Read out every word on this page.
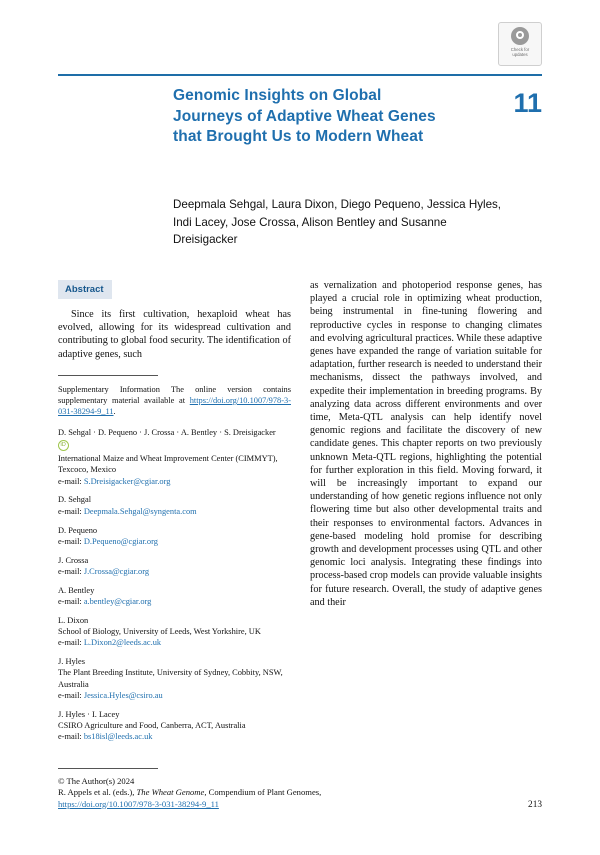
Check for
updates
Genomic Insights on Global Journeys of Adaptive Wheat Genes that Brought Us to Modern Wheat
11
Deepmala Sehgal, Laura Dixon, Diego Pequeno, Jessica Hyles, Indi Lacey, Jose Crossa, Alison Bentley and Susanne Dreisigacker
Abstract
Since its first cultivation, hexaploid wheat has evolved, allowing for its widespread cultivation and contributing to global food security. The identification of adaptive genes, such
Supplementary Information The online version contains supplementary material available at https://doi.org/10.1007/978-3-031-38294-9_11.

D. Sehgal · D. Pequeno · J. Crossa · A. Bentley · S. Dreisigacker

iD

International Maize and Wheat Improvement Center (CIMMYT), Texcoco, Mexico

e-mail: S.Dreisigacker@cgiar.org

D. Sehgal

e-mail: Deepmala.Sehgal@syngenta.com

D. Pequeno

e-mail: D.Pequeno@cgiar.org

J. Crossa

e-mail: J.Crossa@cgiar.org

A. Bentley

e-mail: a.bentley@cgiar.org

L. Dixon

School of Biology, University of Leeds, West Yorkshire, UK

e-mail: L.Dixon2@leeds.ac.uk

J. Hyles

The Plant Breeding Institute, University of Sydney, Cobbity, NSW, Australia

e-mail: Jessica.Hyles@csiro.au

J. Hyles · I. Lacey

CSIRO Agriculture and Food, Canberra, ACT, Australia

e-mail: bs18isl@leeds.ac.uk

as vernalization and photoperiod response genes, has played a crucial role in optimizing wheat production, being instrumental in fine-tuning flowering and reproductive cycles in response to changing climates and evolving agricultural practices. While these adaptive genes have expanded the range of variation suitable for adaptation, further research is needed to understand their mechanisms, dissect the pathways involved, and expedite their implementation in breeding programs. By analyzing data across different environments and over time, Meta-QTL analysis can help identify novel genomic regions and facilitate the discovery of new candidate genes. This chapter reports on two previously unknown Meta-QTL regions, highlighting the potential for further exploration in this field. Moving forward, it will be increasingly important to expand our understanding of how genetic regions influence not only flowering time but also other developmental traits and their responses to environmental factors. Advances in gene-based modeling hold promise for describing growth and development processes using QTL and other genomic loci analysis. Integrating these findings into process-based crop models can provide valuable insights for future research. Overall, the study of adaptive genes and their
© The Author(s) 2024
R. Appels et al. (eds.), The Wheat Genome, Compendium of Plant Genomes,
https://doi.org/10.1007/978-3-031-38294-9_11	213
